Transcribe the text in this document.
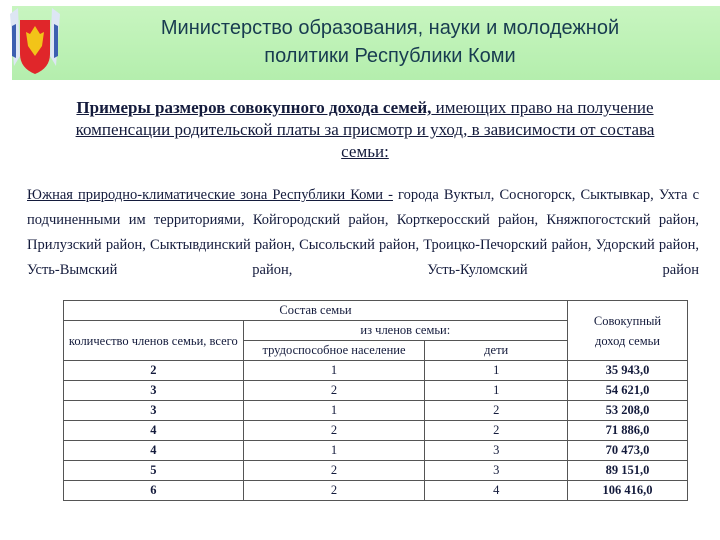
Министерство образования, науки и молодежной
политики Республики Коми
Примеры размеров совокупного дохода семей, имеющих право на получение компенсации родительской платы за присмотр и уход, в зависимости от состава семьи:
Южная природно-климатические зона Республики Коми - города Вуктыл, Сосногорск, Сыктывкар, Ухта с подчиненными им территориями, Койгородский район, Корткеросский район, Княжпогостский район, Прилузский район, Сыктывдинский район, Сысольский район, Троицко-Печорский район, Удорский район, Усть-Вымский район, Усть-Куломский район
Состав семьи			Совокупный доход семьи
количество членов семьи, всего	из членов семьи:		
	трудоспособное население	дети	
2	1	1	35 943,0
3	2	1	54 621,0
3	1	2	53 208,0
4	2	2	71 886,0
4	1	3	70 473,0
5	2	3	89 151,0
6	2	4	106 416,0
